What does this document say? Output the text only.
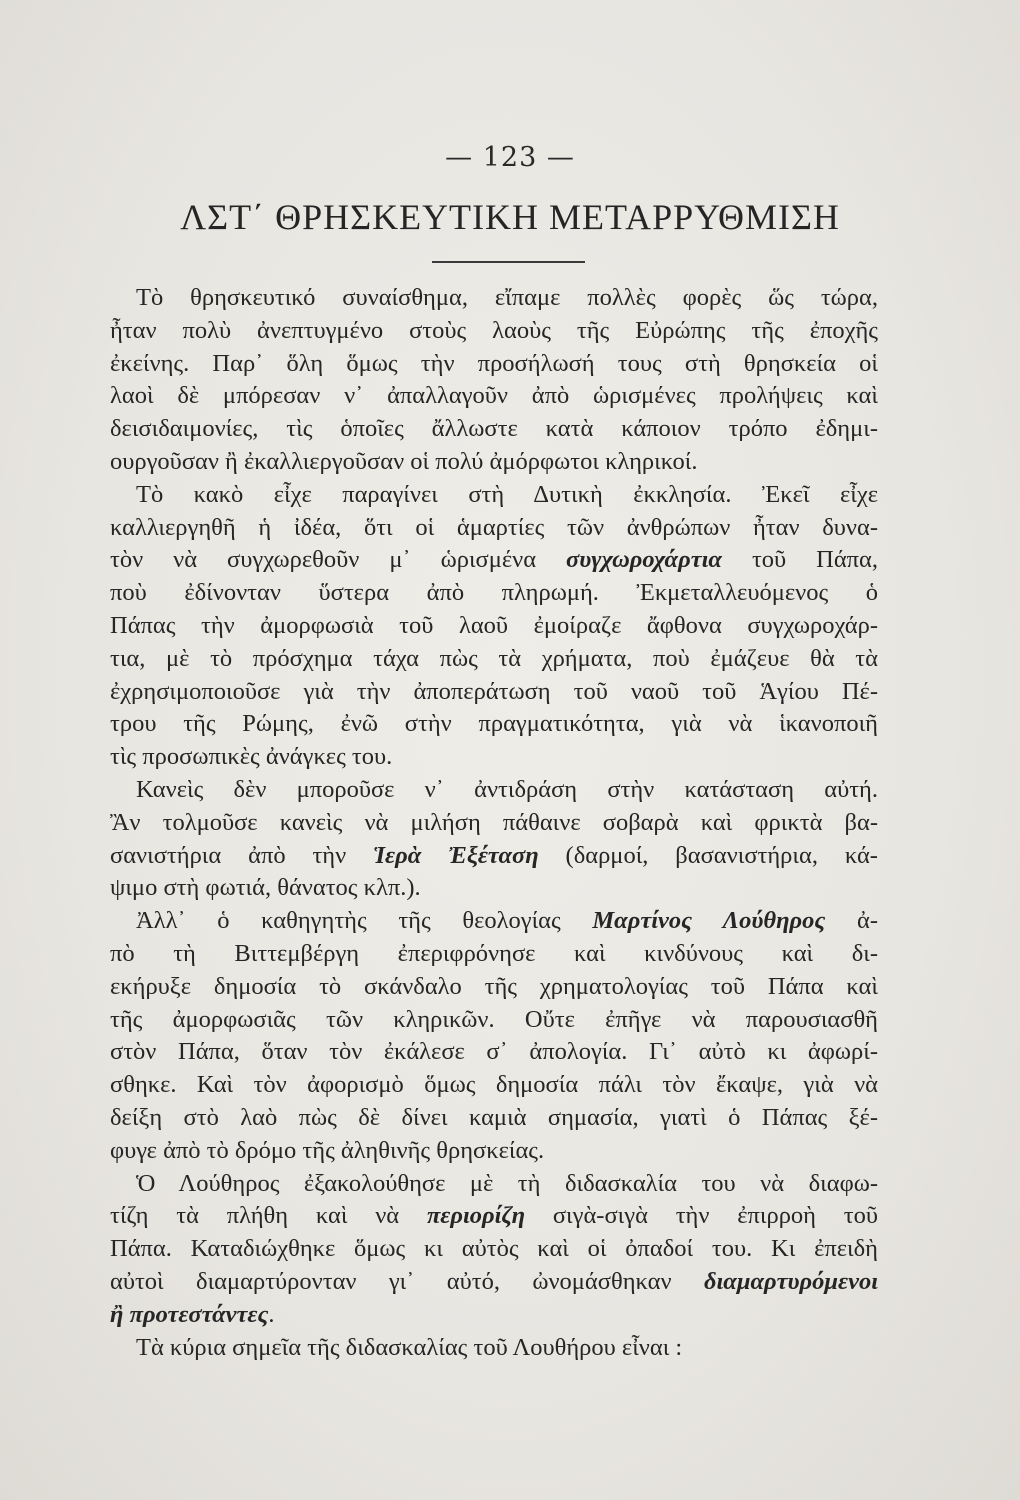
— 123 —
ΛΣΤ΄ ΘΡΗΣΚΕΥΤΙΚΗ ΜΕΤΑΡΡΥΘΜΙΣΗ
Τὸ θρησκευτικό συναίσθημα, εἴπαμε πολλὲς φορὲς ὥς τώρα,
ἦταν πολὺ ἀνεπτυγμένο στοὺς λαοὺς τῆς Εὐρώπης τῆς ἐποχῆς
ἐκείνης. Παρ᾽ ὅλη ὅμως τὴν προσήλωσή τους στὴ θρησκεία οἱ
λαοὶ δὲ μπόρεσαν ν᾽ ἀπαλλαγοῦν ἀπὸ ὡρισμένες προλήψεις καὶ
δεισιδαιμονίες, τὶς ὁποῖες ἄλλωστε κατὰ κάποιον τρόπο ἐδημι-
ουργοῦσαν ἢ ἐκαλλιεργοῦσαν οἱ πολύ ἀμόρφωτοι κληρικοί.
Τὸ κακὸ εἶχε παραγίνει στὴ Δυτικὴ ἐκκλησία. Ἐκεῖ εἶχε
καλλιεργηθῆ ἡ ἰδέα, ὅτι οἱ ἁμαρτίες τῶν ἀνθρώπων ἦταν δυνα-
τὸν νὰ συγχωρεθοῦν μ᾽ ὡρισμένα συγχωροχάρτια τοῦ Πάπα,
ποὺ ἐδίνονταν ὕστερα ἀπὸ πληρωμή. Ἐκμεταλλευόμενος ὁ
Πάπας τὴν ἀμορφωσιὰ τοῦ λαοῦ ἐμοίραζε ἄφθονα συγχωροχάρ-
τια, μὲ τὸ πρόσχημα τάχα πὼς τὰ χρήματα, ποὺ ἐμάζευε θὰ τὰ
ἐχρησιμοποιοῦσε γιὰ τὴν ἀποπεράτωση τοῦ ναοῦ τοῦ Ἁγίου Πέ-
τρου τῆς Ρώμης, ἐνῶ στὴν πραγματικότητα, γιὰ νὰ ἱκανοποιῆ
τὶς προσωπικὲς ἀνάγκες του.
Κανεὶς δὲν μποροῦσε ν᾽ ἀντιδράση στὴν κατάσταση αὐτή.
Ἂν τολμοῦσε κανεὶς νὰ μιλήση πάθαινε σοβαρὰ καὶ φρικτὰ βα-
σανιστήρια ἀπὸ τὴν Ἱερὰ Ἐξέταση (δαρμοί, βασανιστήρια, κά-
ψιμο στὴ φωτιά, θάνατος κλπ.).
Ἀλλ᾽ ὁ καθηγητὴς τῆς θεολογίας Μαρτίνος Λούθηρος ἀ-
πὸ τὴ Βιττεμβέργη ἐπεριφρόνησε καὶ κινδύνους καὶ δι-
εκήρυξε δημοσία τὸ σκάνδαλο τῆς χρηματολογίας τοῦ Πάπα καὶ
τῆς ἀμορφωσιᾶς τῶν κληρικῶν. Οὔτε ἐπῆγε νὰ παρουσιασθῆ
στὸν Πάπα, ὅταν τὸν ἐκάλεσε σ᾽ ἀπολογία. Γι᾽ αὐτὸ κι ἀφωρί-
σθηκε. Καὶ τὸν ἀφορισμὸ ὅμως δημοσία πάλι τὸν ἔκαψε, γιὰ νὰ
δείξη στὸ λαὸ πὼς δὲ δίνει καμιὰ σημασία, γιατὶ ὁ Πάπας ξέ-
φυγε ἀπὸ τὸ δρόμο τῆς ἀληθινῆς θρησκείας.
Ὁ Λούθηρος ἐξακολούθησε μὲ τὴ διδασκαλία του νὰ διαφω-
τίζη τὰ πλήθη καὶ νὰ περιορίζη σιγὰ-σιγὰ τὴν ἐπιρροὴ τοῦ
Πάπα. Καταδιώχθηκε ὅμως κι αὐτὸς καὶ οἱ ὀπαδοί του. Κι ἐπειδὴ
αὐτοὶ διαμαρτύρονταν γι᾽ αὐτό, ὠνομάσθηκαν διαμαρτυρόμενοι
ἢ προτεστάντες.
Τὰ κύρια σημεῖα τῆς διδασκαλίας τοῦ Λουθήρου εἶναι :
